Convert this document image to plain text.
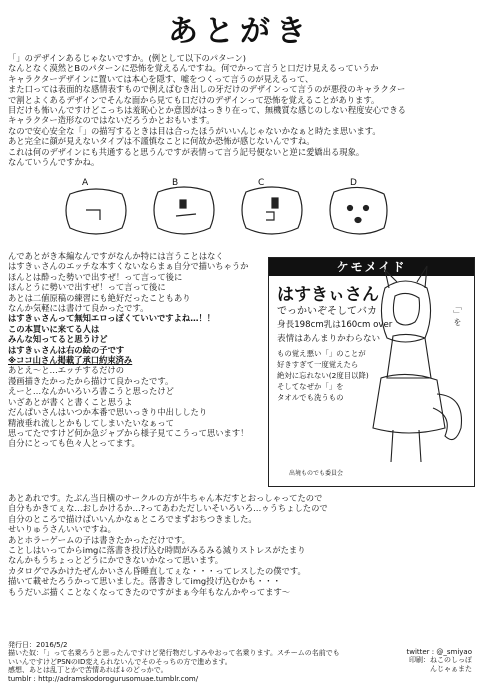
あとがき
「」のデザインあるじゃないですか。(例として以下のパターン)
なんとなく漠然とBのパターンに恐怖を覚えるんですね。何でかって言うと口だけ見えるっていうか
キャラクターデザインに置いては本心を隠す、嘘をつくって言うのが見えるって、
また口っては表面的な感情表すもので例えばむき出しの牙だけのデザインって言うのが悪役のキャラクター
で割とよくあるデザインでそんな面から見ても口だけのデザインって恐怖を覚えることがあります。
目だけも怖いんですけどこっちは羞恥心とか意図がはっきり在って、無機質な感じのしない程度安心できる
キャラクター造形なのではないだろうかとおもいます。
なので安心安全な「」の描写するときは目は合ったほうがいいんじゃないかなぁと時たま思います。
あと完全に顔が見えないタイプは不謹慎なことに何故か恐怖が感じないんですね。
これは何のデザインにも共通すると思うんですが表情って言う記号便ないと逆に愛嬌出る現象。
なんていうんですかね。
A	B	C	D
んであとがき本編なんですがなんか特には言うことはなく
はすきぃさんのエッチな本すくないならまぁ自分で描いちゃうか
ほんとは酔った勢いで出すぜ！って言って後に
ほんとうに勢いで出すぜ！って言って後に
あとは二値原稿の練習にも絶好だったこともあり
なんか気軽には書けて良かったです。
はすきぃさんって無知エロっぽくていいですよね…！！
この本買いに来てる人は
みんな知ってると思うけど
はすきぃさんは右の絵の子です
※ココ山さん掲載了承口約束済み
あとえ～と…エッチするだけの
漫画描きたかったから描けて良かったです。
えーと…なんかいろいろ書こうと思ったけど
いざあとが書くと書くこと思うよ
だんぱいさんはいつか本番で思いっきり中出ししたり
精液垂れ流しとかもしてしまいたいなぁって
思ってたですけど何か急ジャブから様子見てこうって思います！
自分にとっても色々人とってます。
ケモメイド
はすきぃさん
でっかいぞそしてバカ
身長198cm乳は160cm over
表情はあんまりかわらない
もの覚え悪い「」のことが
好きすぎて一度覚えたら
絶対に忘れない(2度目以降)
そしてなぜか「」を
タオルでも洗うもの
「」を
出境ものでも委員会
あとあれです。たぶん当日横のサークルの方が牛ちゃん本だすとおっしゃってたので
自分もかきてぇな…おしかけるか…?ってあわただしいそいろいろ…ゥうちょしたので
自分のところで描けばいいんかなぁところでまずおちつきました。
せいりゅうさんいいですね。
あとホラーゲームの子は書きたかっただけです。
ことしはいってからimgに落書き投げ込む時間がみるみる減りストレスがたまり
なんかもうちょっとどうにかできないかなって思います。
カタログでみかけたぜんかいさん昏睡直してぇな・・・ってレスしたの僕です。
描いて載せたろうかって思いました。落書きしてimg投げ込むかも・・・
もうだいぶ描くことなくなってきたのですがまぁ今年もなんかやってます～
発行日：2016/5/2
描いた奴：「」って名乗ろうと思ったんですけど発行物だしすみやおって名乗ります。スチームの名前でも
いいんですけどPSNのID変えられないんでそのそっちの方で進めます。
感想、あとは乱丁とかで苦情あれば↓のどっかで。
tumblr : http://adramskodorogurusomuae.tumblr.com/
twitter : @_smiyao
印刷：ねこのしっぽ
んじゃぁまた
